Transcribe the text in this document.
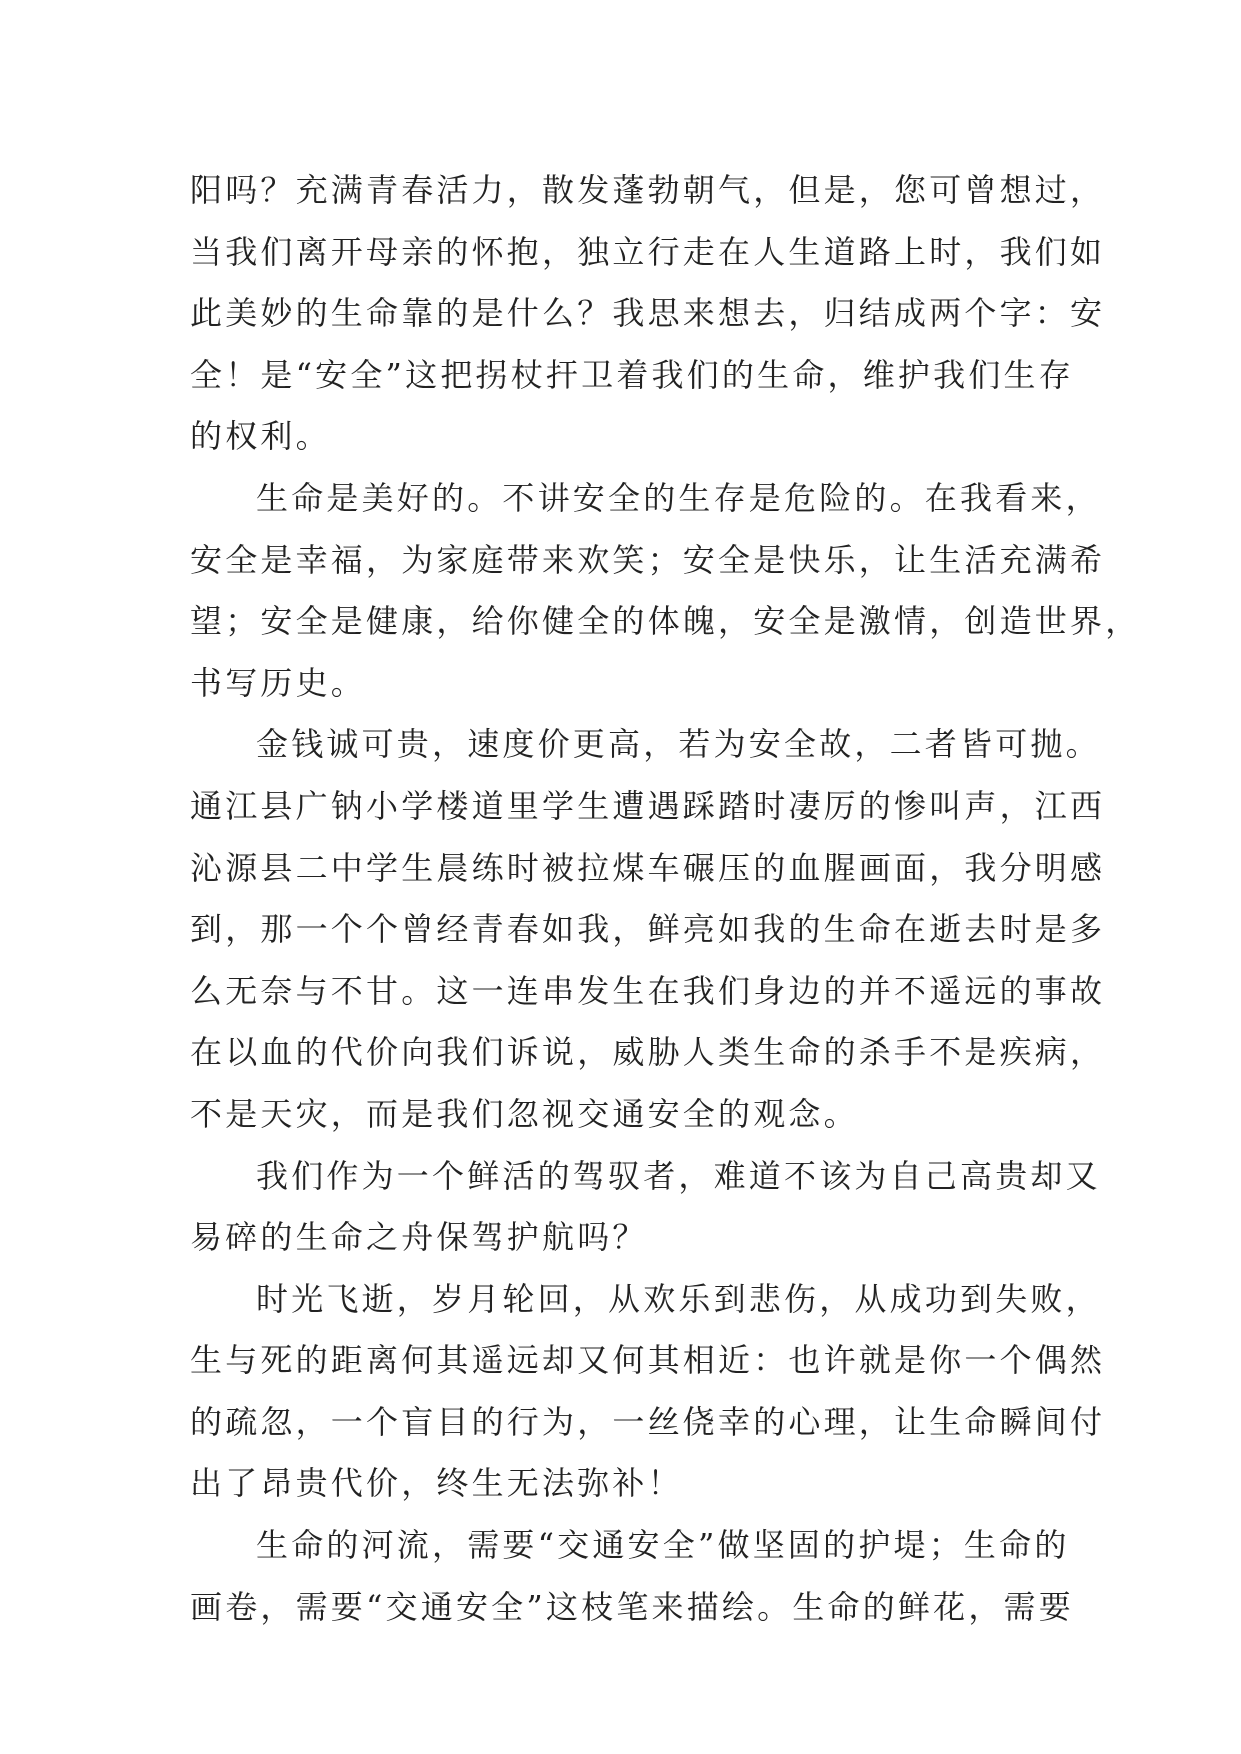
阳吗？充满青春活力，散发蓬勃朝气，但是，您可曾想过，
当我们离开母亲的怀抱，独立行走在人生道路上时，我们如
此美妙的生命靠的是什么？我思来想去，归结成两个字：安
全！是“安全”这把拐杖扞卫着我们的生命，维护我们生存
的权利。
生命是美好的。不讲安全的生存是危险的。在我看来，
安全是幸福，为家庭带来欢笑；安全是快乐，让生活充满希
望；安全是健康，给你健全的体魄，安全是激情，创造世界，
书写历史。
金钱诚可贵，速度价更高，若为安全故，二者皆可抛。
通江县广钠小学楼道里学生遭遇踩踏时凄厉的惨叫声，江西
沁源县二中学生晨练时被拉煤车碾压的血腥画面，我分明感
到，那一个个曾经青春如我，鲜亮如我的生命在逝去时是多
么无奈与不甘。这一连串发生在我们身边的并不遥远的事故
在以血的代价向我们诉说，威胁人类生命的杀手不是疾病，
不是天灾，而是我们忽视交通安全的观念。
我们作为一个鲜活的驾驭者，难道不该为自己高贵却又
易碎的生命之舟保驾护航吗？
时光飞逝，岁月轮回，从欢乐到悲伤，从成功到失败，
生与死的距离何其遥远却又何其相近：也许就是你一个偶然
的疏忽，一个盲目的行为，一丝侥幸的心理，让生命瞬间付
出了昂贵代价，终生无法弥补！
生命的河流，需要“交通安全”做坚固的护堤；生命的
画卷，需要“交通安全”这枝笔来描绘。生命的鲜花，需要
